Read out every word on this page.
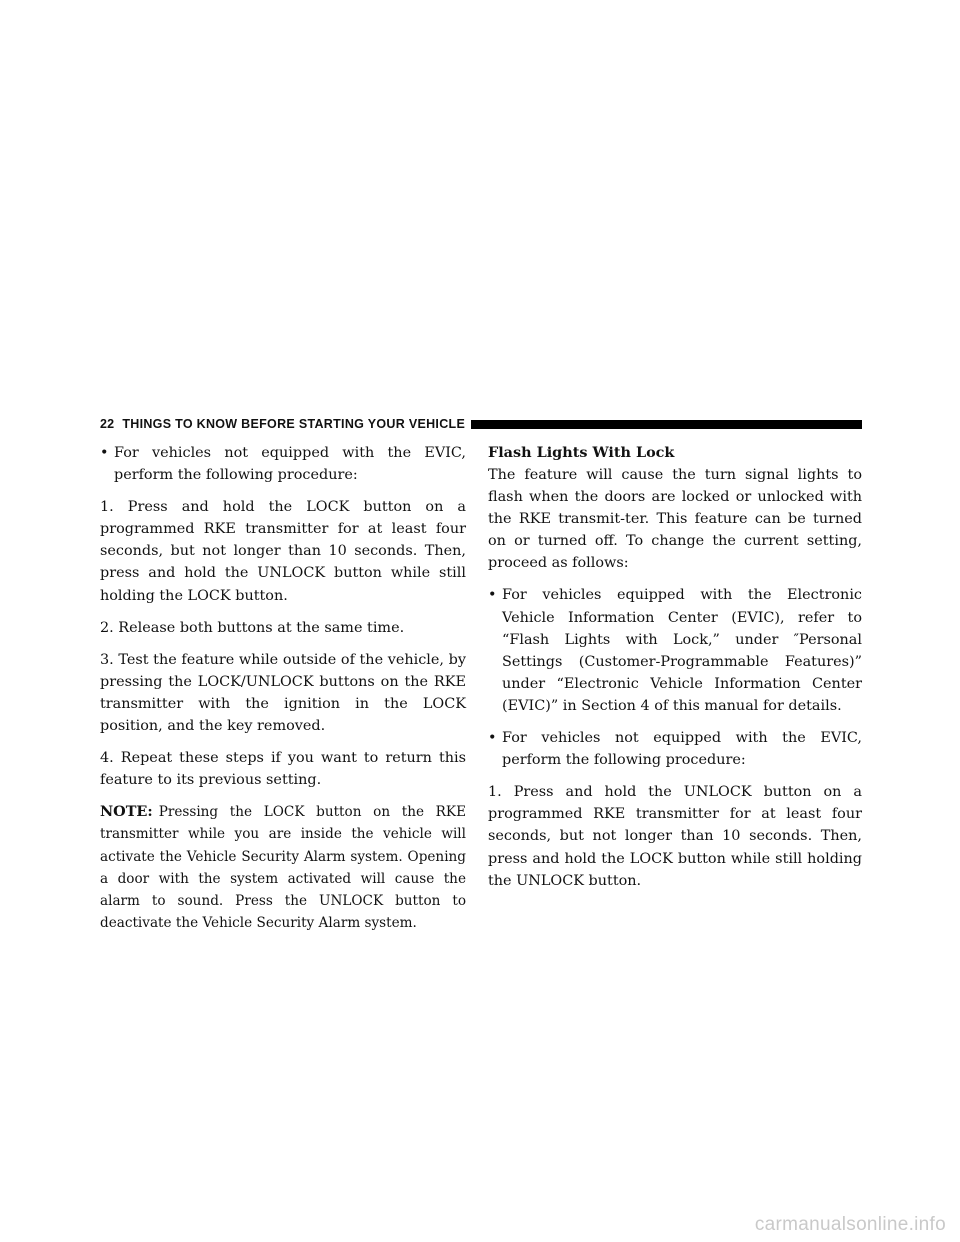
22 THINGS TO KNOW BEFORE STARTING YOUR VEHICLE
• For vehicles not equipped with the EVIC, perform the following procedure:

1. Press and hold the LOCK button on a programmed RKE transmitter for at least four seconds, but not longer than 10 seconds. Then, press and hold the UNLOCK button while still holding the LOCK button.

2. Release both buttons at the same time.

3. Test the feature while outside of the vehicle, by pressing the LOCK/UNLOCK buttons on the RKE transmitter with the ignition in the LOCK position, and the key removed.

4. Repeat these steps if you want to return this feature to its previous setting.

NOTE: Pressing the LOCK button on the RKE transmitter while you are inside the vehicle will activate the Vehicle Security Alarm system. Opening a door with the system activated will cause the alarm to sound. Press the UNLOCK button to deactivate the Vehicle Security Alarm system.

Flash Lights With Lock

The feature will cause the turn signal lights to flash when the doors are locked or unlocked with the RKE transmit-ter. This feature can be turned on or turned off. To change the current setting, proceed as follows:

• For vehicles equipped with the Electronic Vehicle Information Center (EVIC), refer to “Flash Lights with Lock,” under ″Personal Settings (Customer-Programmable Features)” under “Electronic Vehicle Information Center (EVIC)” in Section 4 of this manual for details.
• For vehicles not equipped with the EVIC, perform the following procedure:

1. Press and hold the UNLOCK button on a programmed RKE transmitter for at least four seconds, but not longer than 10 seconds. Then, press and hold the LOCK button while still holding the UNLOCK button.

carmanualsonline.info
